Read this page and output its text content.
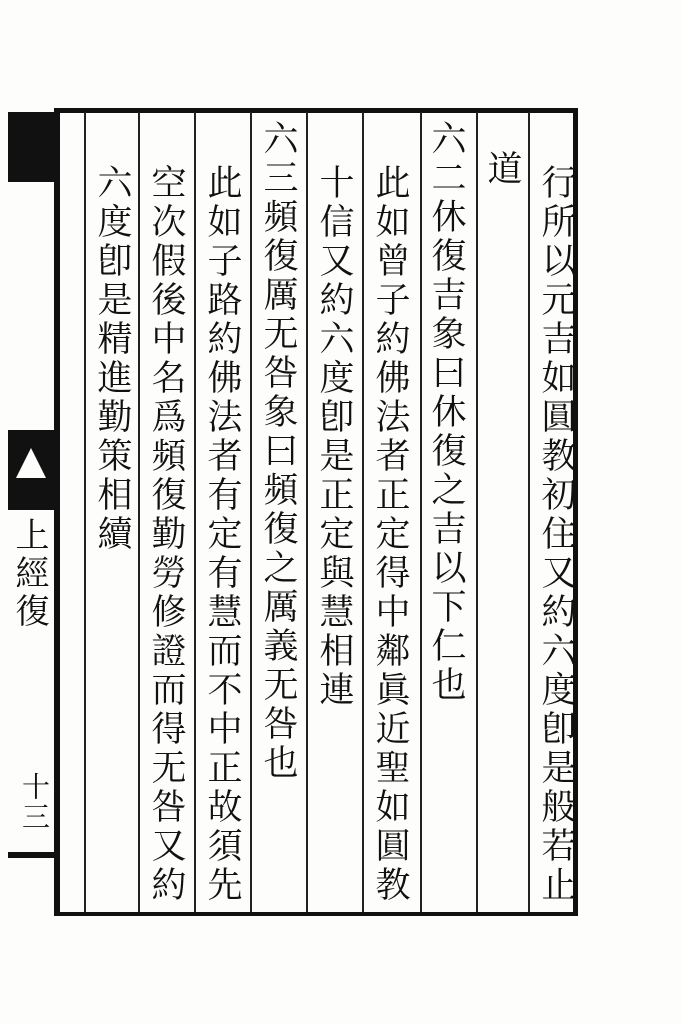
上經復
十三	行所以元吉如圓教初住又約六度卽是般若止
道
六二休復吉象曰休復之吉以下仁也
此如曾子約佛法者正定得中鄰眞近聖如圓教
十信又約六度卽是正定與慧相連
六三頻復厲无咎象曰頻復之厲義无咎也
此如子路約佛法者有定有慧而不中正故須先
空次假後中名爲頻復勤勞修證而得无咎又約
六度卽是精進勤策相續
